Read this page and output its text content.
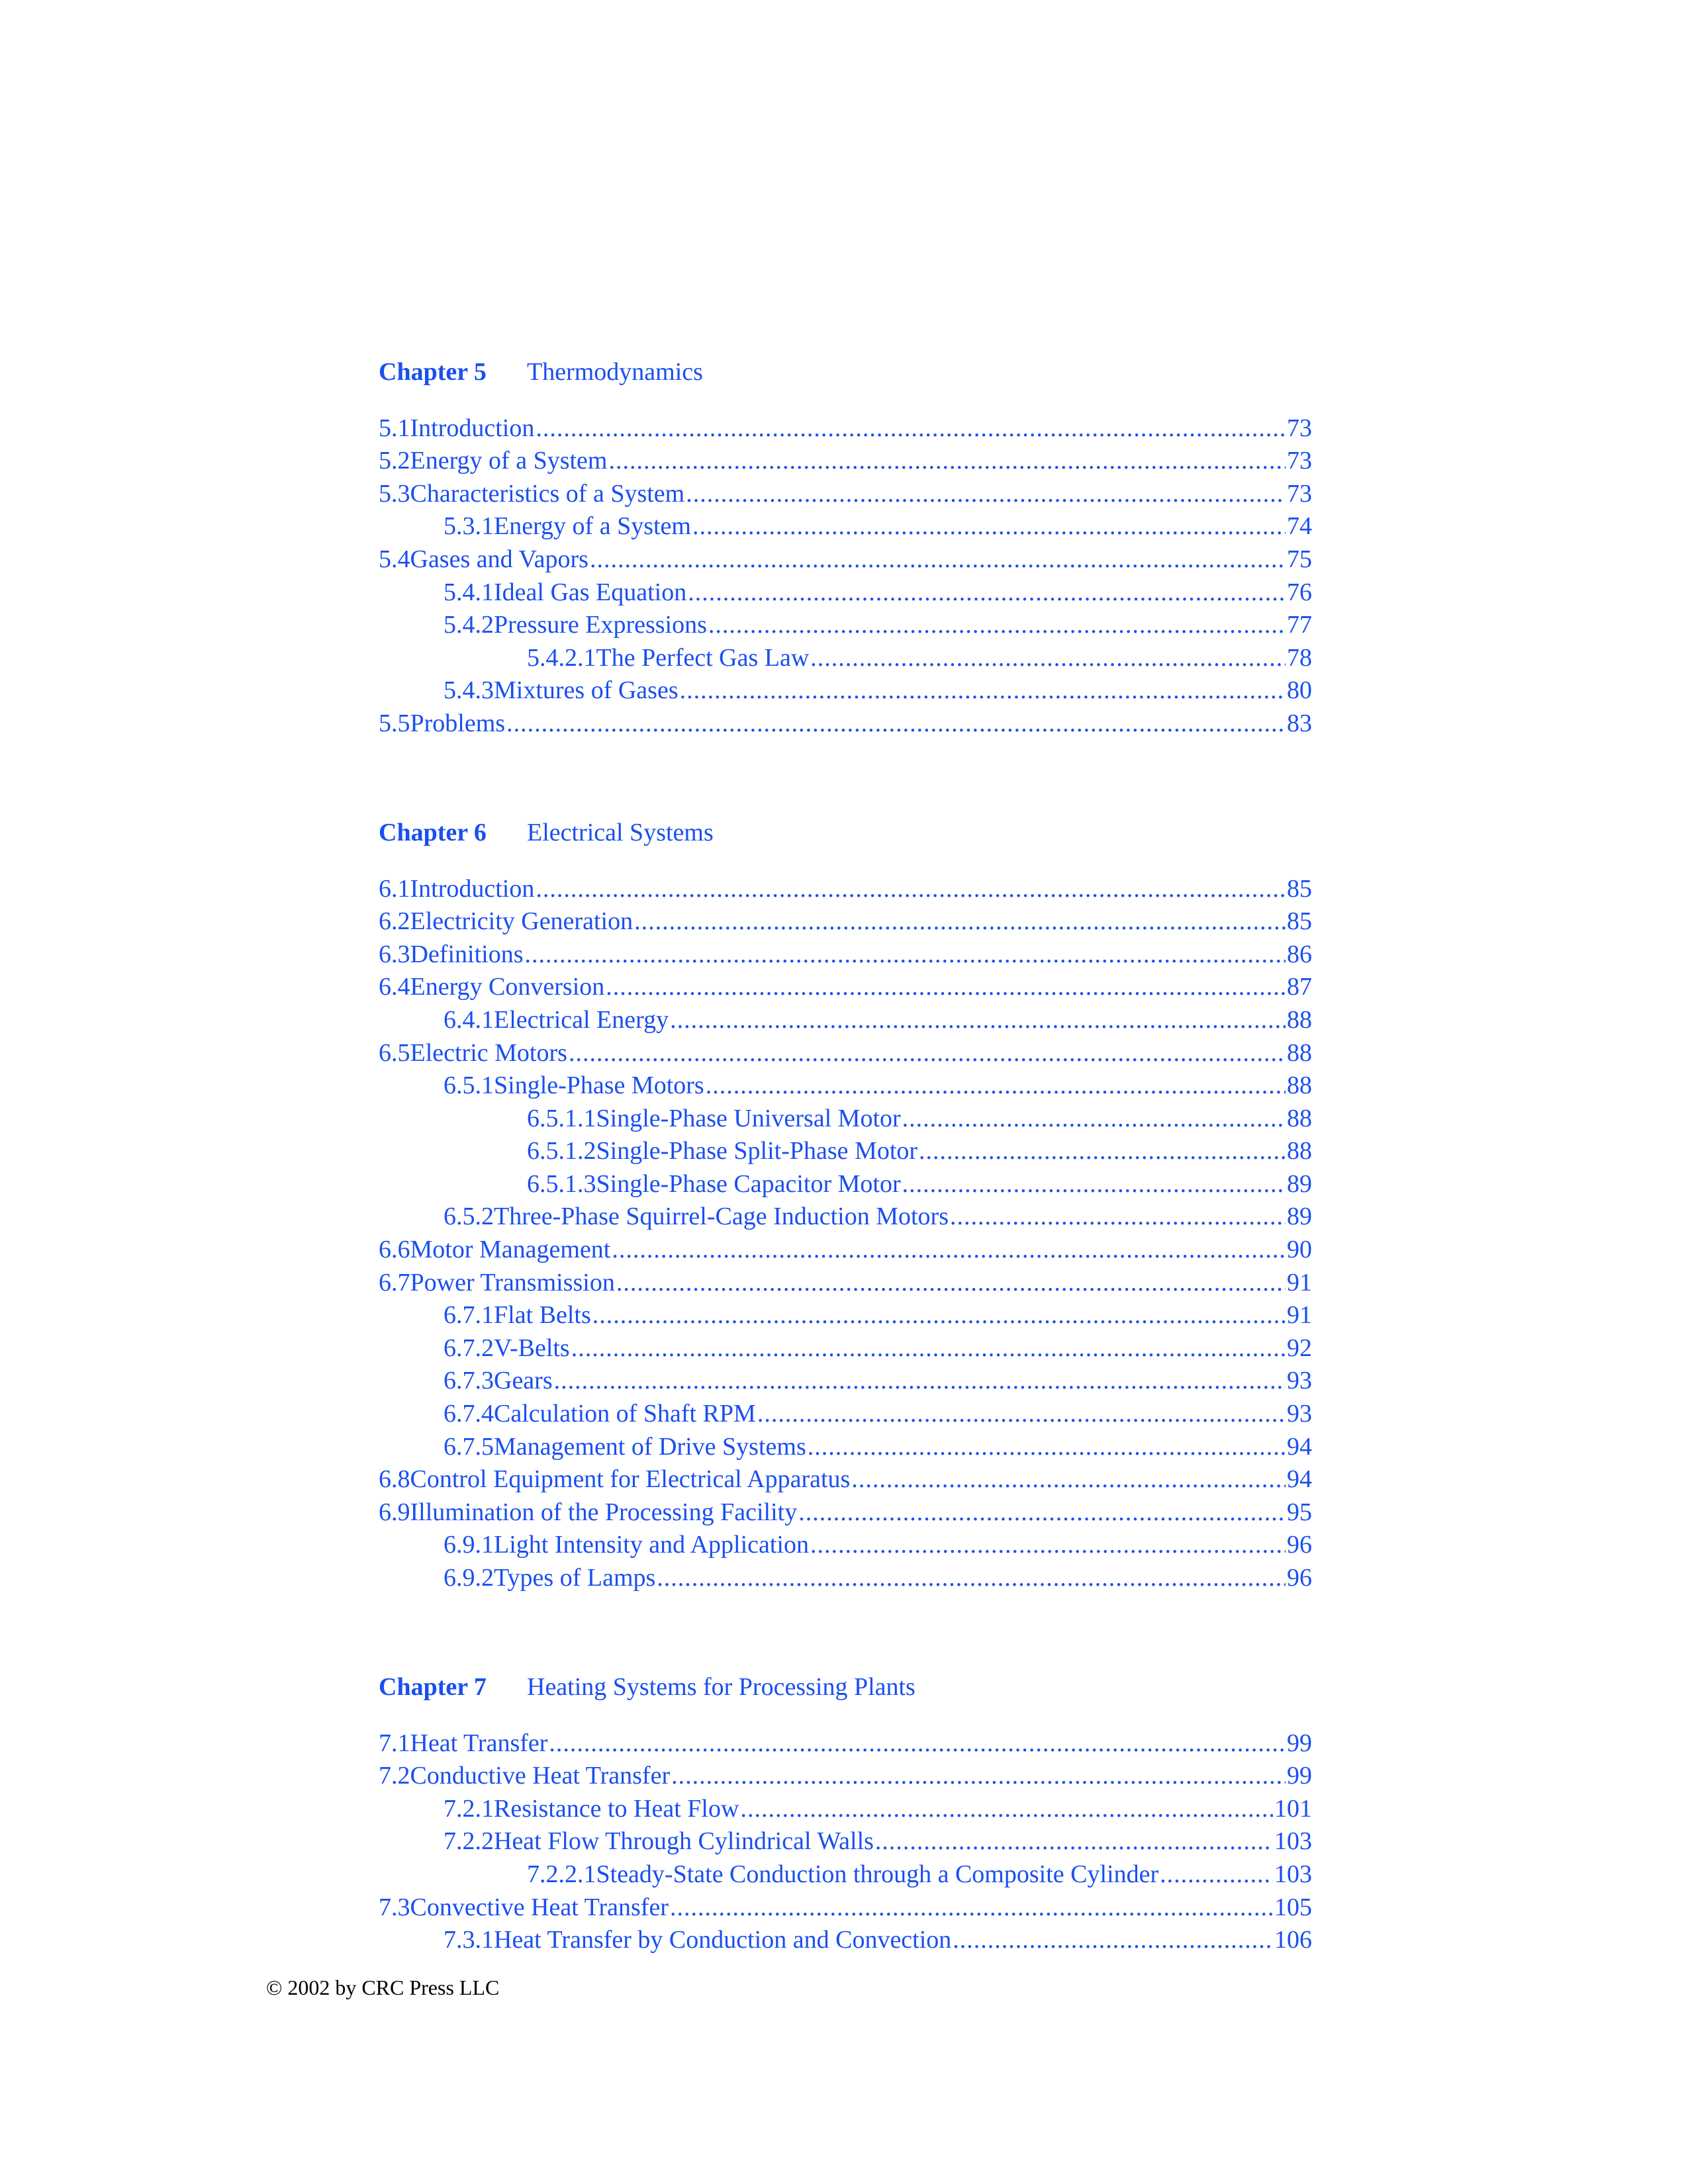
Chapter 5	Thermodynamics
5.1 Introduction .....	73
5.2 Energy of a System .....	73
5.3 Characteristics of a System .....	73
5.3.1 Energy of a System .....	74
5.4 Gases and Vapors .....	75
5.4.1 Ideal Gas Equation .....	76
5.4.2 Pressure Expressions .....	77
5.4.2.1 The Perfect Gas Law .....	78
5.4.3 Mixtures of Gases .....	80
5.5 Problems .....	83
Chapter 6	Electrical Systems
6.1 Introduction .....	85
6.2 Electricity Generation .....	85
6.3 Definitions .....	86
6.4 Energy Conversion .....	87
6.4.1 Electrical Energy .....	88
6.5 Electric Motors .....	88
6.5.1 Single-Phase Motors .....	88
6.5.1.1 Single-Phase Universal Motor .....	88
6.5.1.2 Single-Phase Split-Phase Motor .....	88
6.5.1.3 Single-Phase Capacitor Motor .....	89
6.5.2 Three-Phase Squirrel-Cage Induction Motors .....	89
6.6 Motor Management .....	90
6.7 Power Transmission .....	91
6.7.1 Flat Belts .....	91
6.7.2 V-Belts .....	92
6.7.3 Gears .....	93
6.7.4 Calculation of Shaft RPM .....	93
6.7.5 Management of Drive Systems .....	94
6.8 Control Equipment for Electrical Apparatus .....	94
6.9 Illumination of the Processing Facility .....	95
6.9.1 Light Intensity and Application .....	96
6.9.2 Types of Lamps .....	96
Chapter 7	Heating Systems for Processing Plants
7.1 Heat Transfer .....	99
7.2 Conductive Heat Transfer .....	99
7.2.1 Resistance to Heat Flow .....	101
7.2.2 Heat Flow Through Cylindrical Walls .....	103
7.2.2.1 Steady-State Conduction through a Composite Cylinder .....	103
7.3 Convective Heat Transfer .....	105
7.3.1 Heat Transfer by Conduction and Convection .....	106
© 2002 by CRC Press LLC
